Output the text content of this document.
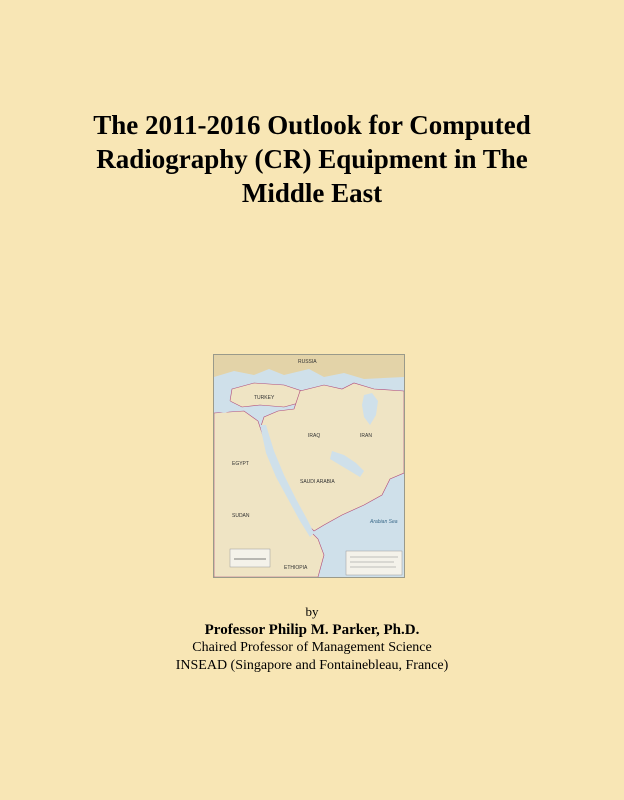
The 2011-2016 Outlook for Computed
Radiography (CR) Equipment in The
Middle East
RUSSIA
TURKEY
IRAQ	IRAN
EGYPT
SAUDI ARABIA
SUDAN
ETHIOPIA
Arabian Sea
by
Professor Philip M. Parker, Ph.D.
Chaired Professor of Management Science
INSEAD (Singapore and Fontainebleau, France)
